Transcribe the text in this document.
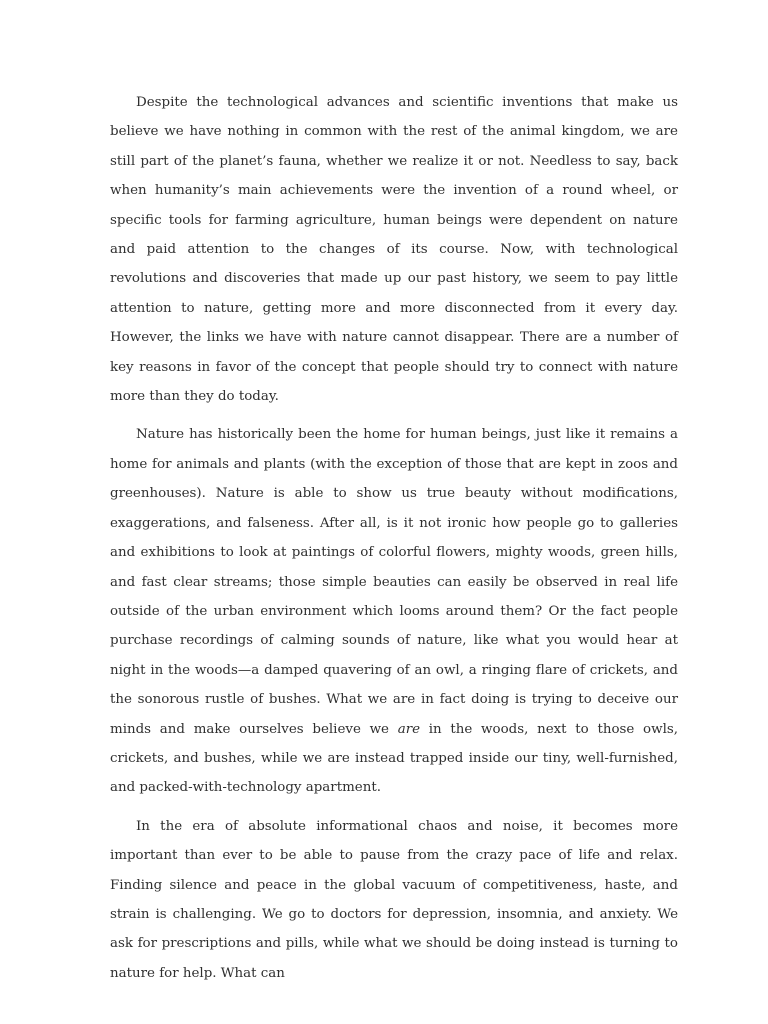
Despite the technological advances and scientific inventions that make us believe we have nothing in common with the rest of the animal kingdom, we are still part of the planet’s fauna, whether we realize it or not. Needless to say, back when humanity’s main achievements were the invention of a round wheel, or specific tools for farming agriculture, human beings were dependent on nature and paid attention to the changes of its course. Now, with technological revolutions and discoveries that made up our past history, we seem to pay little attention to nature, getting more and more disconnected from it every day. However, the links we have with nature cannot disappear. There are a number of key reasons in favor of the concept that people should try to connect with nature more than they do today.

Nature has historically been the home for human beings, just like it remains a home for animals and plants (with the exception of those that are kept in zoos and greenhouses). Nature is able to show us true beauty without modifications, exaggerations, and falseness. After all, is it not ironic how people go to galleries and exhibitions to look at paintings of colorful flowers, mighty woods, green hills, and fast clear streams; those simple beauties can easily be observed in real life outside of the urban environment which looms around them? Or the fact people purchase recordings of calming sounds of nature, like what you would hear at night in the woods—a damped quavering of an owl, a ringing flare of crickets, and the sonorous rustle of bushes. What we are in fact doing is trying to deceive our minds and make ourselves believe we are in the woods, next to those owls, crickets, and bushes, while we are instead trapped inside our tiny, well-furnished, and packed-with-technology apartment.

In the era of absolute informational chaos and noise, it becomes more important than ever to be able to pause from the crazy pace of life and relax. Finding silence and peace in the global vacuum of competitiveness, haste, and strain is challenging. We go to doctors for depression, insomnia, and anxiety. We ask for prescriptions and pills, while what we should be doing instead is turning to nature for help. What can
